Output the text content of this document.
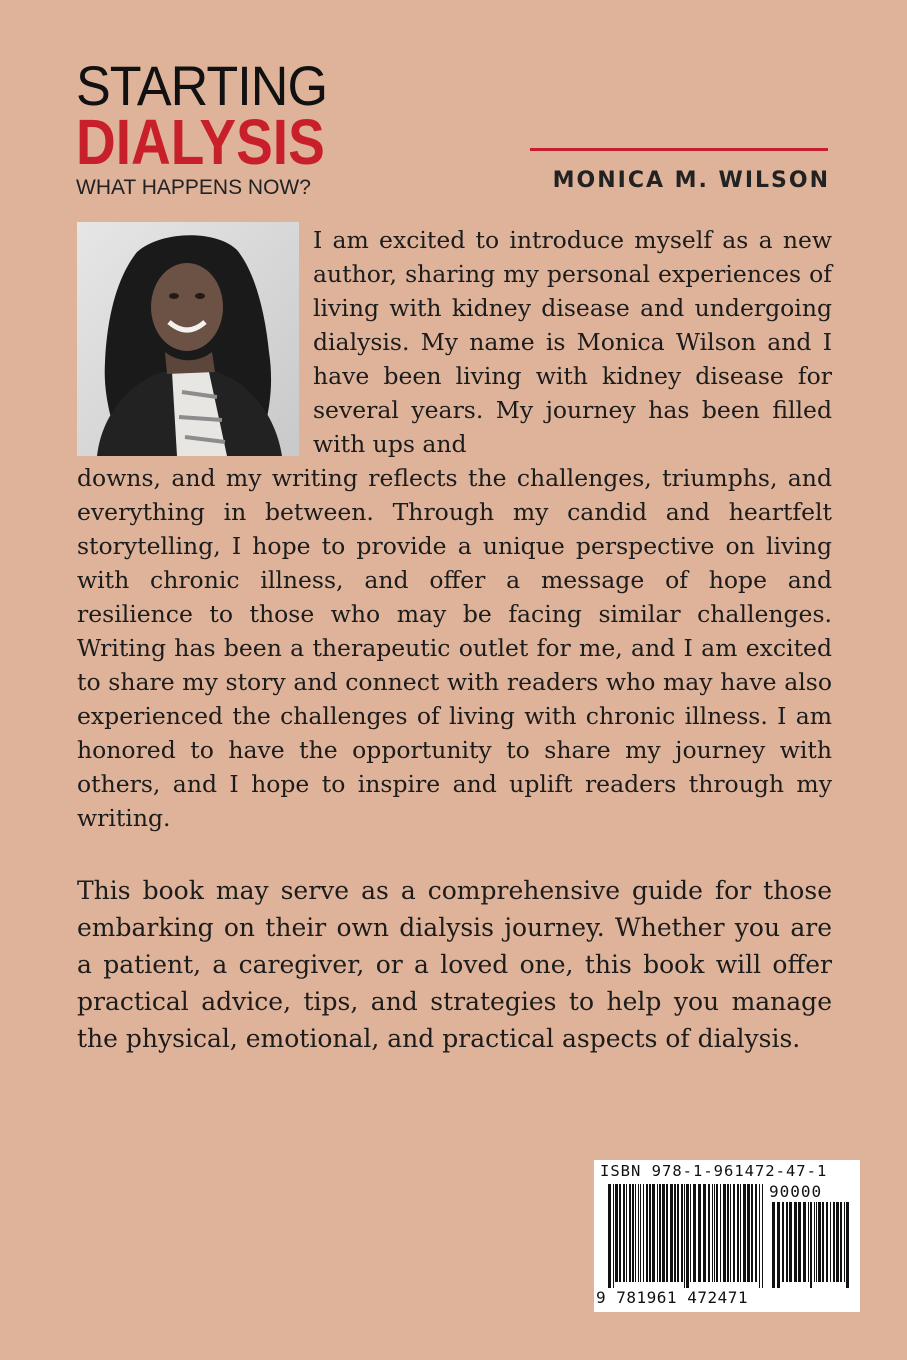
STARTING
DIALYSIS
WHAT HAPPENS NOW?	MONICA M. WILSON
I am excited to introduce myself as a new author, sharing my personal experiences of living with kidney disease and undergoing dialysis. My name is Monica Wilson and I have been living with kidney disease for several years. My journey has been filled with ups and
downs, and my writing reflects the challenges, triumphs, and everything in between. Through my candid and heartfelt storytelling, I hope to provide a unique perspective on living with chronic illness, and offer a message of hope and resilience to those who may be facing similar challenges. Writing has been a therapeutic outlet for me, and I am excited to share my story and connect with readers who may have also experienced the challenges of living with chronic illness. I am honored to have the opportunity to share my journey with others, and I hope to inspire and uplift readers through my writing.
This book may serve as a comprehensive guide for those embarking on their own dialysis journey. Whether you are a patient, a caregiver, or a loved one, this book will offer practical advice, tips, and strategies to help you manage the physical, emotional, and practical aspects of dialysis.
ISBN 978-1-961472-47-1
90000
9 781961 472471
